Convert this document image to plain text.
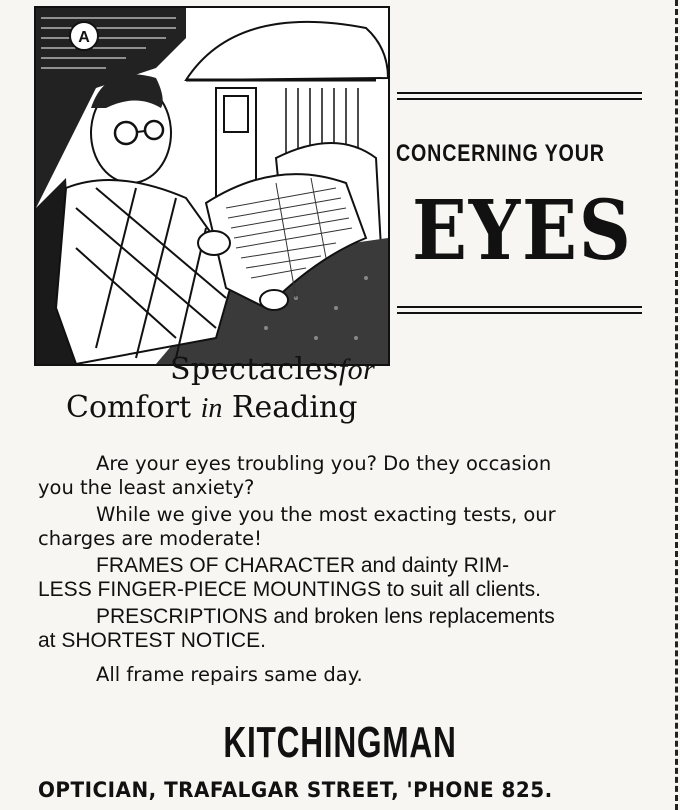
A
Spectaclesfor
Comfort in Reading
CONCERNING YOUR
EYES

Are your eyes troubling you? Do they occasion
you the least anxiety?

While we give you the most exacting tests, our
charges are moderate!

FRAMES OF CHARACTER and dainty RIM-
LESS FINGER-PIECE MOUNTINGS to suit all clients.

PRESCRIPTIONS and broken lens replacements
at SHORTEST NOTICE.

All frame repairs same day.

KITCHINGMAN
OPTICIAN, TRAFALGAR STREET, 'PHONE 825.
